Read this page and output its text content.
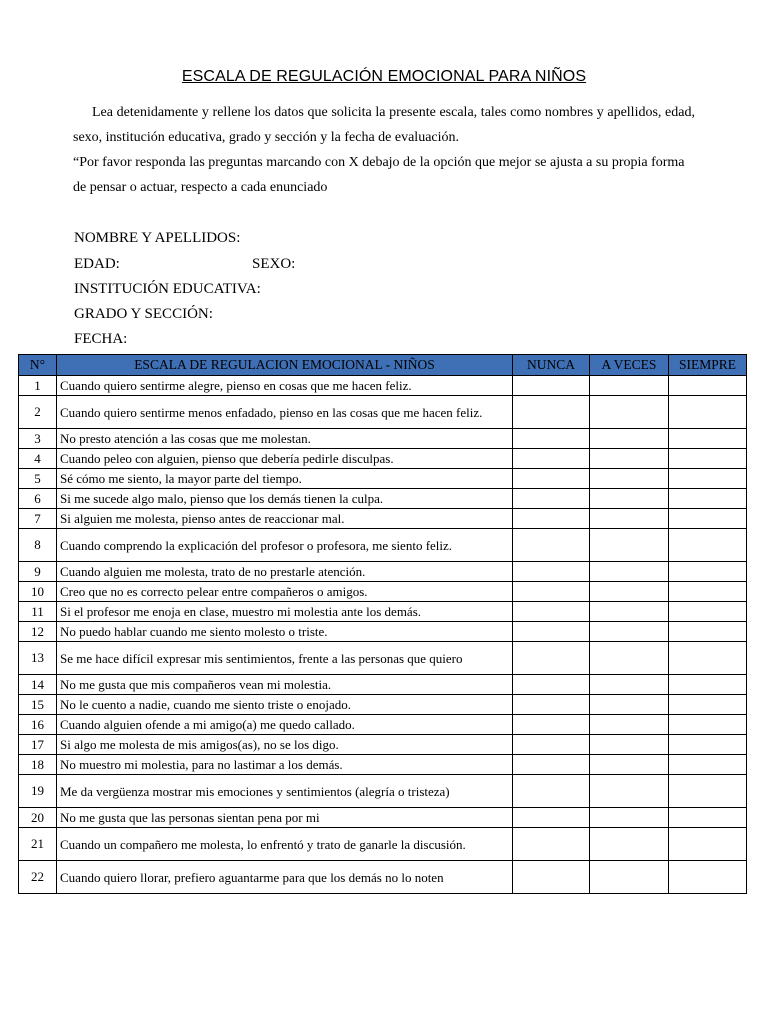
ESCALA DE REGULACIÓN EMOCIONAL PARA NIÑOS

Lea detenidamente y rellene los datos que solicita la presente escala, tales como nombres y apellidos, edad, sexo, institución educativa, grado y sección y la fecha de evaluación.

“Por favor responda las preguntas marcando con X debajo de la opción que mejor se ajusta a su propia forma de pensar o actuar, respecto a cada enunciado

NOMBRE Y APELLIDOS:
EDAD:	SEXO:
INSTITUCIÓN EDUCATIVA:
GRADO Y SECCIÓN:
FECHA:
N°	ESCALA DE REGULACION EMOCIONAL - NIÑOS	NUNCA	A VECES	SIEMPRE
1	Cuando quiero sentirme alegre, pienso en cosas que me hacen feliz.			
2	Cuando quiero sentirme menos enfadado, pienso en las cosas que me hacen feliz.			
3	No presto atención a las cosas que me molestan.			
4	Cuando peleo con alguien, pienso que debería pedirle disculpas.			
5	Sé cómo me siento, la mayor parte del tiempo.			
6	Si me sucede algo malo, pienso que los demás tienen la culpa.			
7	Si alguien me molesta, pienso antes de reaccionar mal.			
8	Cuando comprendo la explicación del profesor o profesora, me siento feliz.			
9	Cuando alguien me molesta, trato de no prestarle atención.			
10	Creo que no es correcto pelear entre compañeros o amigos.			
11	Si el profesor me enoja en clase, muestro mi molestia ante los demás.			
12	No puedo hablar cuando me siento molesto o triste.			
13	Se me hace difícil expresar mis sentimientos, frente a las personas que quiero			
14	No me gusta que mis compañeros vean mi molestia.			
15	No le cuento a nadie, cuando me siento triste o enojado.			
16	Cuando alguien ofende a mi amigo(a) me quedo callado.			
17	Si algo me molesta de mis amigos(as), no se los digo.			
18	No muestro mi molestia, para no lastimar a los demás.			
19	Me da vergüenza mostrar mis emociones y sentimientos (alegría o tristeza)			
20	No me gusta que las personas sientan pena por mi			
21	Cuando un compañero me molesta, lo enfrentó y trato de ganarle la discusión.			
22	Cuando quiero llorar, prefiero aguantarme para que los demás no lo noten			
